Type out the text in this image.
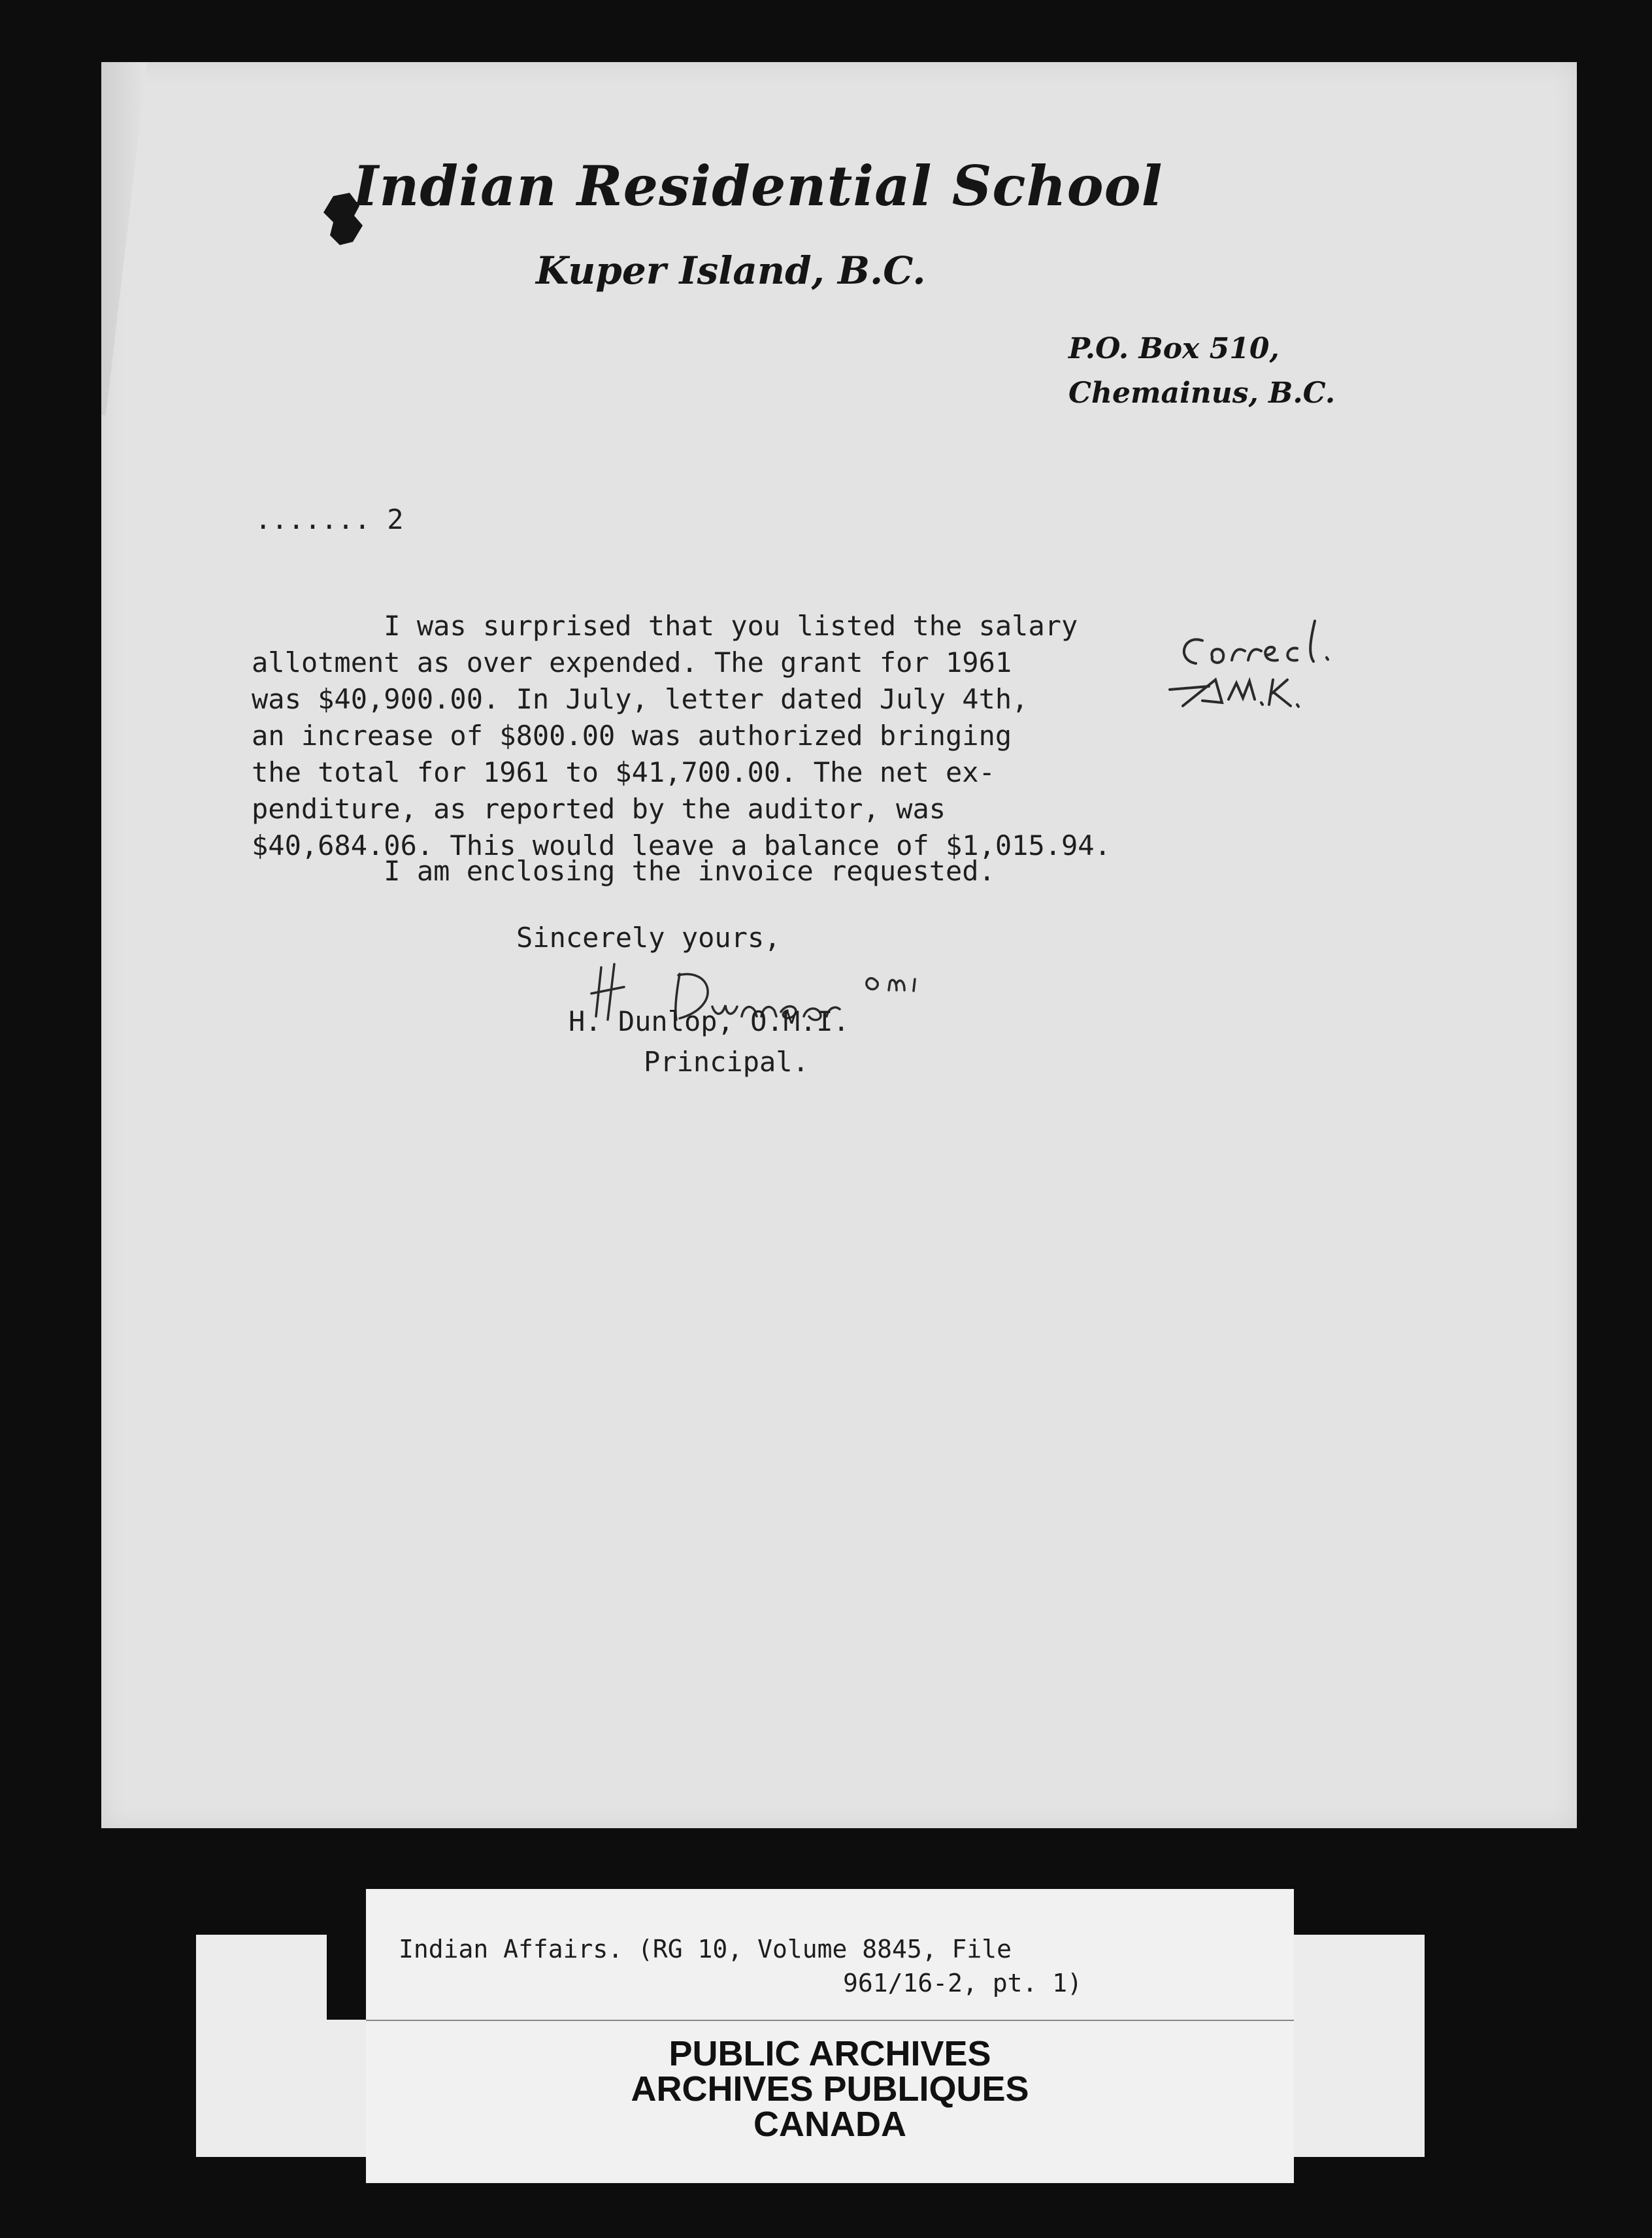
Indian Residential School
Kuper Island, B.C.
P.O. Box 510,
Chemainus, B.C.
....... 2
I was surprised that you listed the salary
allotment as over expended. The grant for 1961
was $40,900.00. In July, letter dated July 4th,
an increase of $800.00 was authorized bringing
the total for 1961 to $41,700.00. The net ex-
penditure, as reported by the auditor, was
$40,684.06. This would leave a balance of $1,015.94.
I am enclosing the invoice requested.
Sincerely yours,
H. Dunlop, O.M.I.
Principal.
Indian Affairs. (RG 10, Volume 8845, File
961/16-2, pt. 1)
PUBLIC ARCHIVES
ARCHIVES PUBLIQUES
CANADA
